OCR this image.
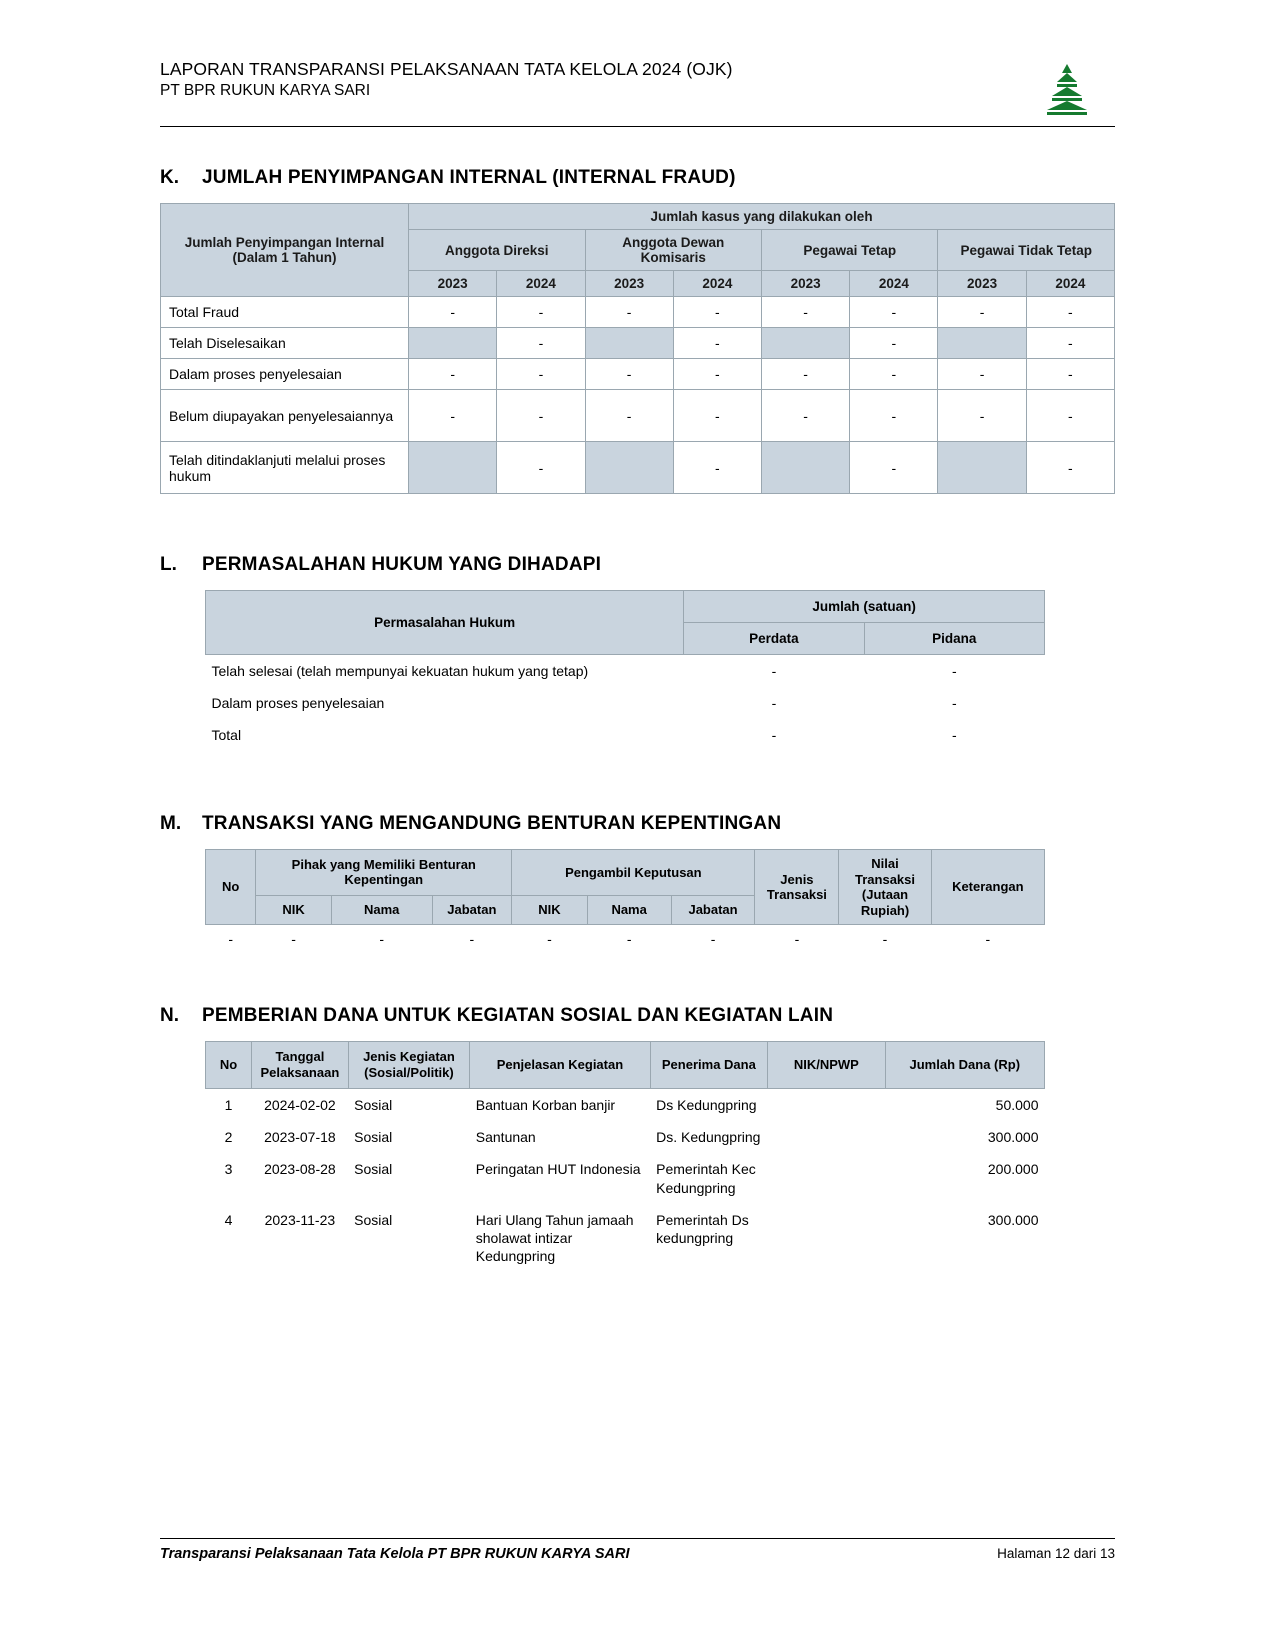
LAPORAN TRANSPARANSI PELAKSANAAN TATA KELOLA 2024 (OJK)
PT BPR RUKUN KARYA SARI
K.	JUMLAH PENYIMPANGAN INTERNAL (INTERNAL FRAUD)
Jumlah Penyimpangan Internal (Dalam 1 Tahun)	Jumlah kasus yang dilakukan oleh							
	Anggota Direksi		Anggota Dewan Komisaris		Pegawai Tetap		Pegawai Tidak Tetap	
	2023	2024	2023	2024	2023	2024	2023	2024
Total Fraud	-	-	-	-	-	-	-	-
Telah Diselesaikan		-		-		-		-
Dalam proses penyelesaian	-	-	-	-	-	-	-	-
Belum diupayakan penyelesaiannya	-	-	-	-	-	-	-	-
Telah ditindaklanjuti melalui proses hukum		-		-		-		-
L.	PERMASALAHAN HUKUM YANG DIHADAPI
Permasalahan Hukum	Jumlah (satuan)	
	Perdata	Pidana
Telah selesai (telah mempunyai kekuatan hukum yang tetap)	-	-
Dalam proses penyelesaian	-	-
Total	-	-
M.	TRANSAKSI YANG MENGANDUNG BENTURAN KEPENTINGAN
No	Pihak yang Memiliki Benturan Kepentingan			Pengambil Keputusan			Jenis Transaksi	Nilai Transaksi (Jutaan Rupiah)	Keterangan
	NIK	Nama	Jabatan	NIK	Nama	Jabatan			
-	-	-	-	-	-	-	-	-	-
N.	PEMBERIAN DANA UNTUK KEGIATAN SOSIAL DAN KEGIATAN LAIN
No	Tanggal Pelaksanaan	Jenis Kegiatan (Sosial/Politik)	Penjelasan Kegiatan	Penerima Dana	NIK/NPWP	Jumlah Dana (Rp)
1	2024-02-02	Sosial	Bantuan Korban banjir	Ds Kedungpring		50.000
2	2023-07-18	Sosial	Santunan	Ds. Kedungpring		300.000
3	2023-08-28	Sosial	Peringatan HUT Indonesia	Pemerintah Kec Kedungpring		200.000
4	2023-11-23	Sosial	Hari Ulang Tahun jamaah sholawat intizar Kedungpring	Pemerintah Ds kedungpring		300.000
Transparansi Pelaksanaan Tata Kelola PT BPR RUKUN KARYA SARI	Halaman 12 dari 13
